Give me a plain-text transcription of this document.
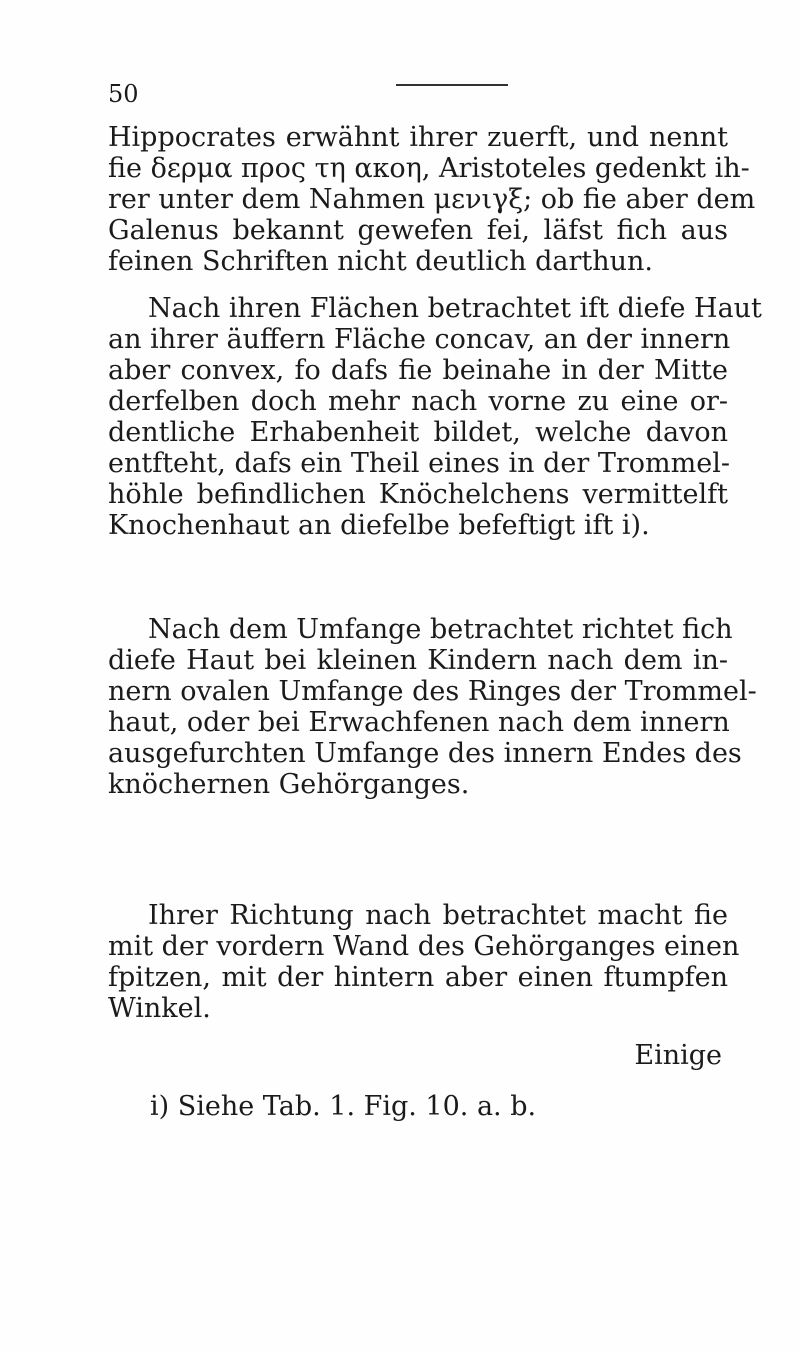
50
Hippocrates erwähnt ihrer zuerft, und nennt
fie δερμα προς τη ακοη, Aristoteles gedenkt ih-
rer unter dem Nahmen μενιγξ; ob fie aber dem
Galenus bekannt gewefen fei, läfst fich aus
feinen Schriften nicht deutlich darthun.
Nach ihren Flächen betrachtet ift diefe Haut
an ihrer äuffern Fläche concav, an der innern
aber convex, fo dafs fie beinahe in der Mitte
derfelben doch mehr nach vorne zu eine or-
dentliche Erhabenheit bildet, welche davon
entfteht, dafs ein Theil eines in der Trommel-
höhle befindlichen Knöchelchens vermittelft
Knochenhaut an diefelbe befeftigt ift i).
Nach dem Umfange betrachtet richtet fich
diefe Haut bei kleinen Kindern nach dem in-
nern ovalen Umfange des Ringes der Trommel-
haut, oder bei Erwachfenen nach dem innern
ausgefurchten Umfange des innern Endes des
knöchernen Gehörganges.
Ihrer Richtung nach betrachtet macht fie
mit der vordern Wand des Gehörganges einen
fpitzen, mit der hintern aber einen ftumpfen
Winkel.
Einige
i) Siehe Tab. 1. Fig. 10. a. b.
